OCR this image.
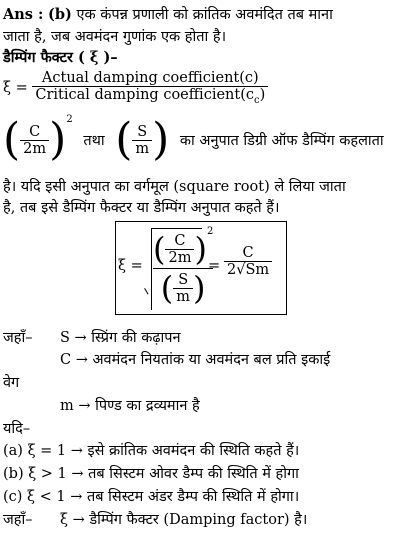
Ans : (b) एक कंपन्न प्रणाली को क्रांतिक अवमंदित तब माना
जाता है, जब अवमंदन गुणांक एक होता है।
डैम्पिंग फैक्टर ( ξ )–
$\xi = \frac{\text{Actual damping coefficient(c)}}{Critical damping coefficient(c_c)}$
( $\frac{C}{2m} )^2$ तथा ( $\frac{S}{m}$ ) का अनुपात डिग्री ऑफ डैम्पिंग कहलाता
है। यदि इसी अनुपात का वर्गमूल (square root) ले लिया जाता
है, तब इसे डैम्पिंग फैक्टर या डैम्पिंग अनुपात कहते हैं।
$\xi = \frac{( \frac{C}{2m} )^2}{( \frac{S}{m} )}$
= $\frac{C}{2√Sm}$
जहाँ– S → स्प्रिंग की कढ़ापन
C → अवमंदन नियतांक या अवमंदन बल प्रति इकाई
वेग
m → पिण्ड का द्रव्यमान है
यदि–
(a) ξ = 1 → इसे क्रांतिक अवमंदन की स्थिति कहते हैं।
(b) ξ > 1 → तब सिस्टम ओवर डैम्प की स्थिति में होगा
(c) ξ < 1 → तब सिस्टम अंडर डैम्प की स्थिति में होगा।
जहाँ– ξ → डैम्पिंग फैक्टर (Damping factor) है।
